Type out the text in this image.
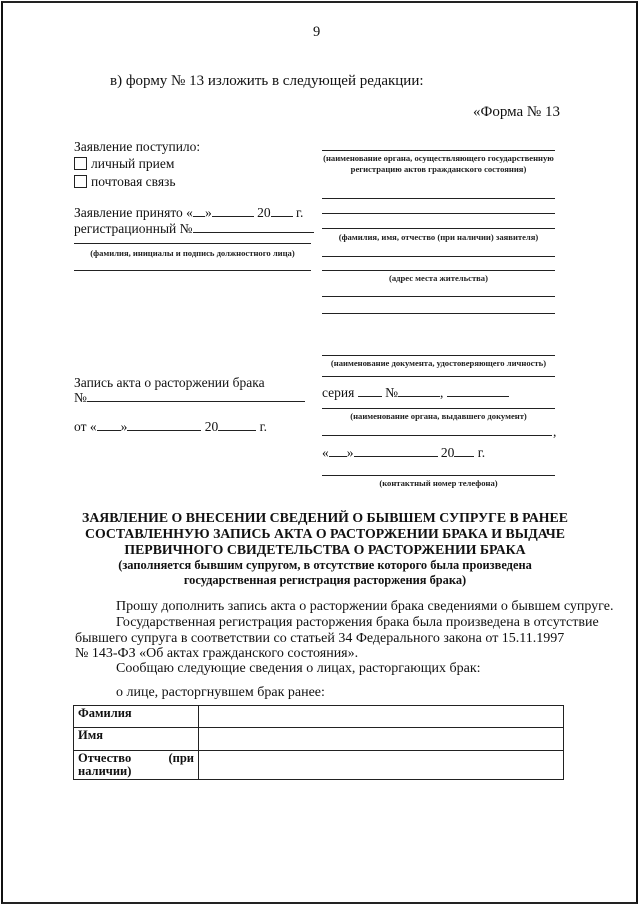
9
в) форму № 13 изложить в следующей редакции:
«Форма № 13
Заявление поступило:
личный прием
почтовая связь
Заявление принято « »	20 г.
регистрационный №
(фамилия, инициалы и подпись должностного лица)
Запись акта о расторжении брака
№
от « »	20	г.
(наименование органа, осуществляющего государственную регистрацию актов гражданского состояния)
(фамилия, имя, отчество (при наличии) заявителя)
(адрес места жительства)
(наименование документа, удостоверяющего личность)
серия №	,
(наименование органа, выдавшего документ)
,
« »	20 г.
(контактный номер телефона)
ЗАЯВЛЕНИЕ О ВНЕСЕНИИ СВЕДЕНИЙ О БЫВШЕМ СУПРУГЕ В РАНЕЕ
СОСТАВЛЕННУЮ ЗАПИСЬ АКТА О РАСТОРЖЕНИИ БРАКА И ВЫДАЧЕ
ПЕРВИЧНОГО СВИДЕТЕЛЬСТВА О РАСТОРЖЕНИИ БРАКА
(заполняется бывшим супругом, в отсутствие которого была произведена
государственная регистрация расторжения брака)
Прошу дополнить запись акта о расторжении брака сведениями о бывшем супруге.
Государственная регистрация расторжения брака была произведена в отсутствие
бывшего супруга в соответствии со статьей 34 Федерального закона от 15.11.1997
№ 143-ФЗ «Об актах гражданского состояния».
Сообщаю следующие сведения о лицах, расторгающих брак:
о лице, расторгнувшем брак ранее:
Фамилия	
Имя	

Отчество (при
наличии)	
